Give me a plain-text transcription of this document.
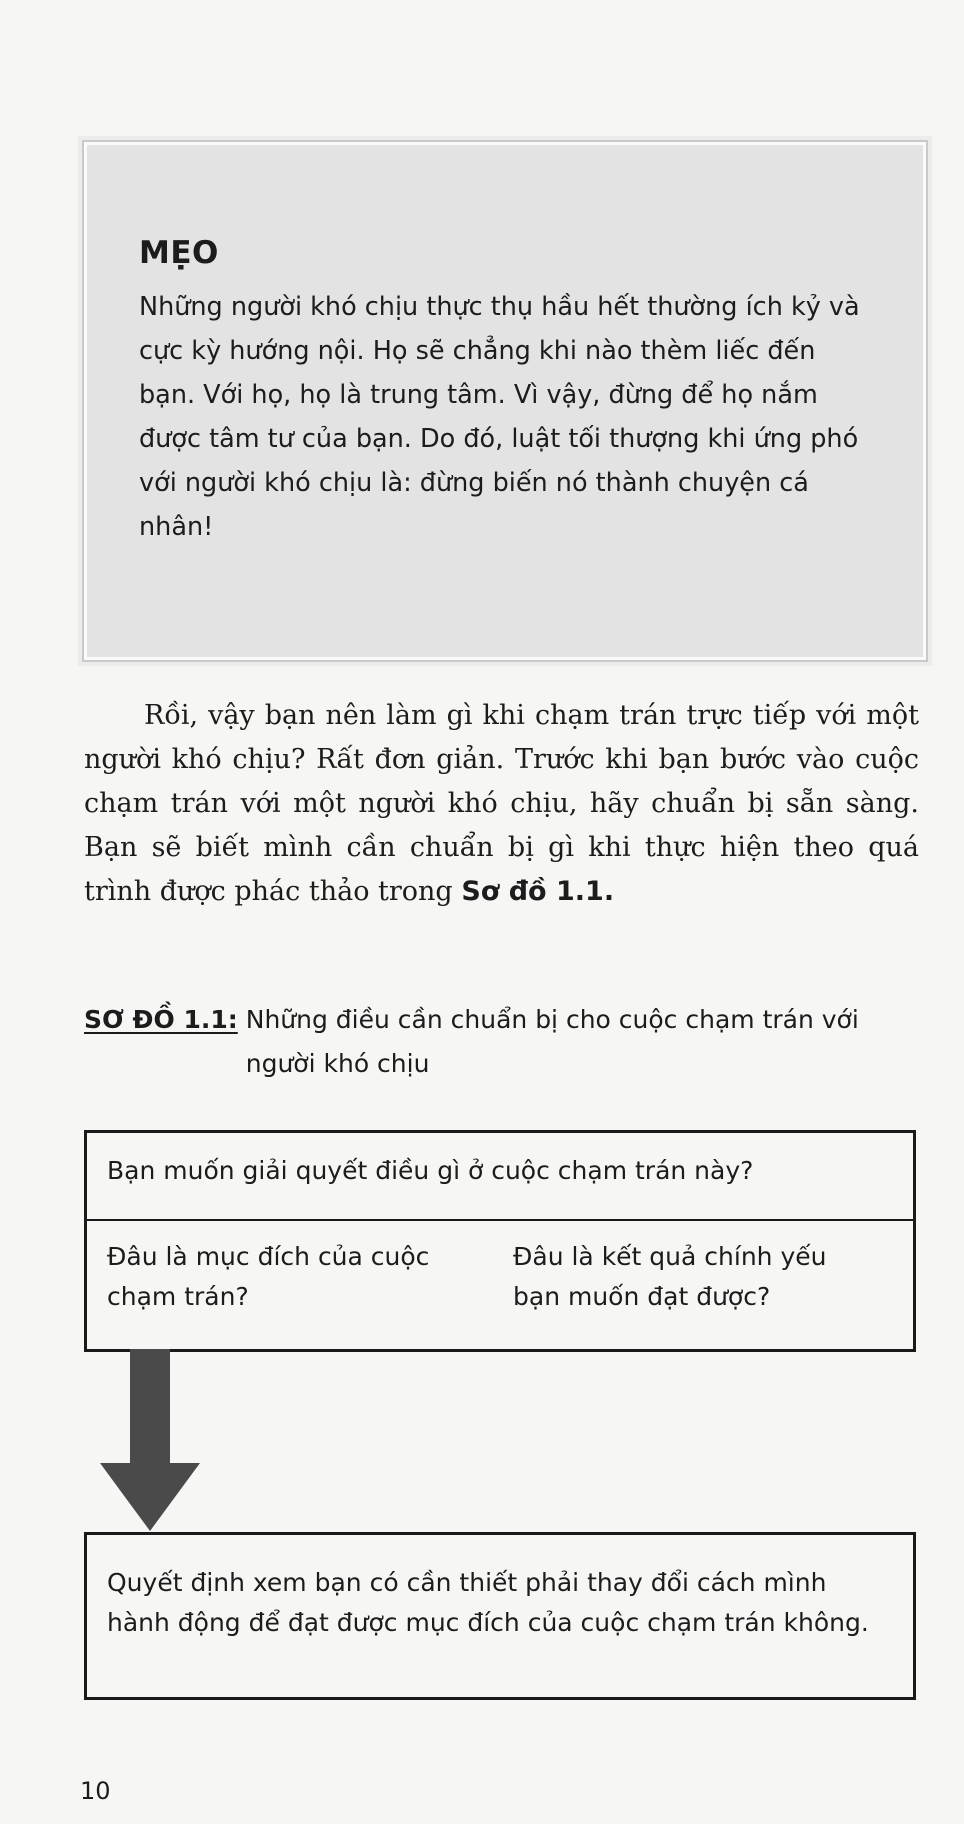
MẸO

Những người khó chịu thực thụ hầu hết thường ích kỷ và cực kỳ hướng nội. Họ sẽ chẳng khi nào thèm liếc đến bạn. Với họ, họ là trung tâm. Vì vậy, đừng để họ nắm được tâm tư của bạn. Do đó, luật tối thượng khi ứng phó với người khó chịu là: đừng biến nó thành chuyện cá nhân!

Rồi, vậy bạn nên làm gì khi chạm trán trực tiếp với một người khó chịu? Rất đơn giản. Trước khi bạn bước vào cuộc chạm trán với một người khó chịu, hãy chuẩn bị sẵn sàng. Bạn sẽ biết mình cần chuẩn bị gì khi thực hiện theo quá trình được phác thảo trong Sơ đồ 1.1.

SƠ ĐỒ 1.1: Những điều cần chuẩn bị cho cuộc chạm trán với người khó chịu
Bạn muốn giải quyết điều gì ở cuộc chạm trán này?
Đâu là mục đích của cuộc chạm trán?
Đâu là kết quả chính yếu bạn muốn đạt được?
Quyết định xem bạn có cần thiết phải thay đổi cách mình hành động để đạt được mục đích của cuộc chạm trán không.
10
